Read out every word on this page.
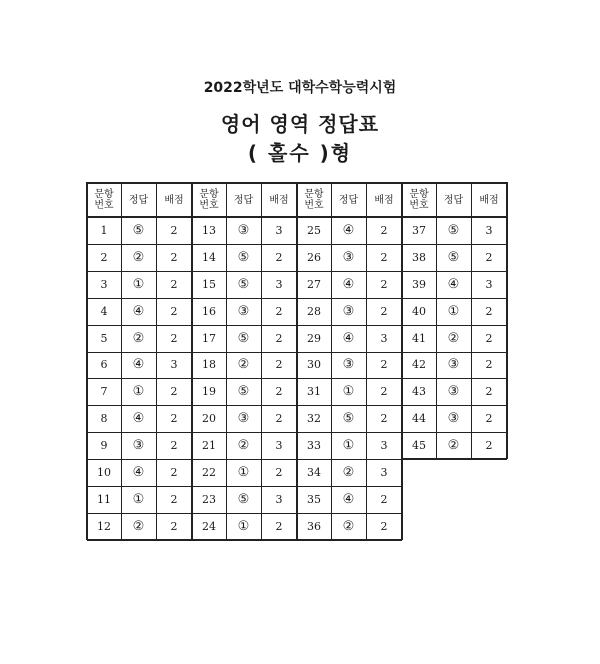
2022학년도 대학수학능력시험
영어 영역 정답표
( 홀수 )형
문항
번호	정답	배점
1	⑤	2
2	②	2
3	①	2
4	④	2
5	②	2
6	④	3
7	①	2
8	④	2
9	③	2
10	④	2
11	①	2
12	②	2
문항
번호	정답	배점
13	③	3
14	⑤	2
15	⑤	3
16	③	2
17	⑤	2
18	②	2
19	⑤	2
20	③	2
21	②	3
22	①	2
23	⑤	3
24	①	2
문항
번호	정답	배점
25	④	2
26	③	2
27	④	2
28	③	2
29	④	3
30	③	2
31	①	2
32	⑤	2
33	①	3
34	②	3
35	④	2
36	②	2
문항
번호	정답	배점
37	⑤	3
38	⑤	2
39	④	3
40	①	2
41	②	2
42	③	2
43	③	2
44	③	2
45	②	2
